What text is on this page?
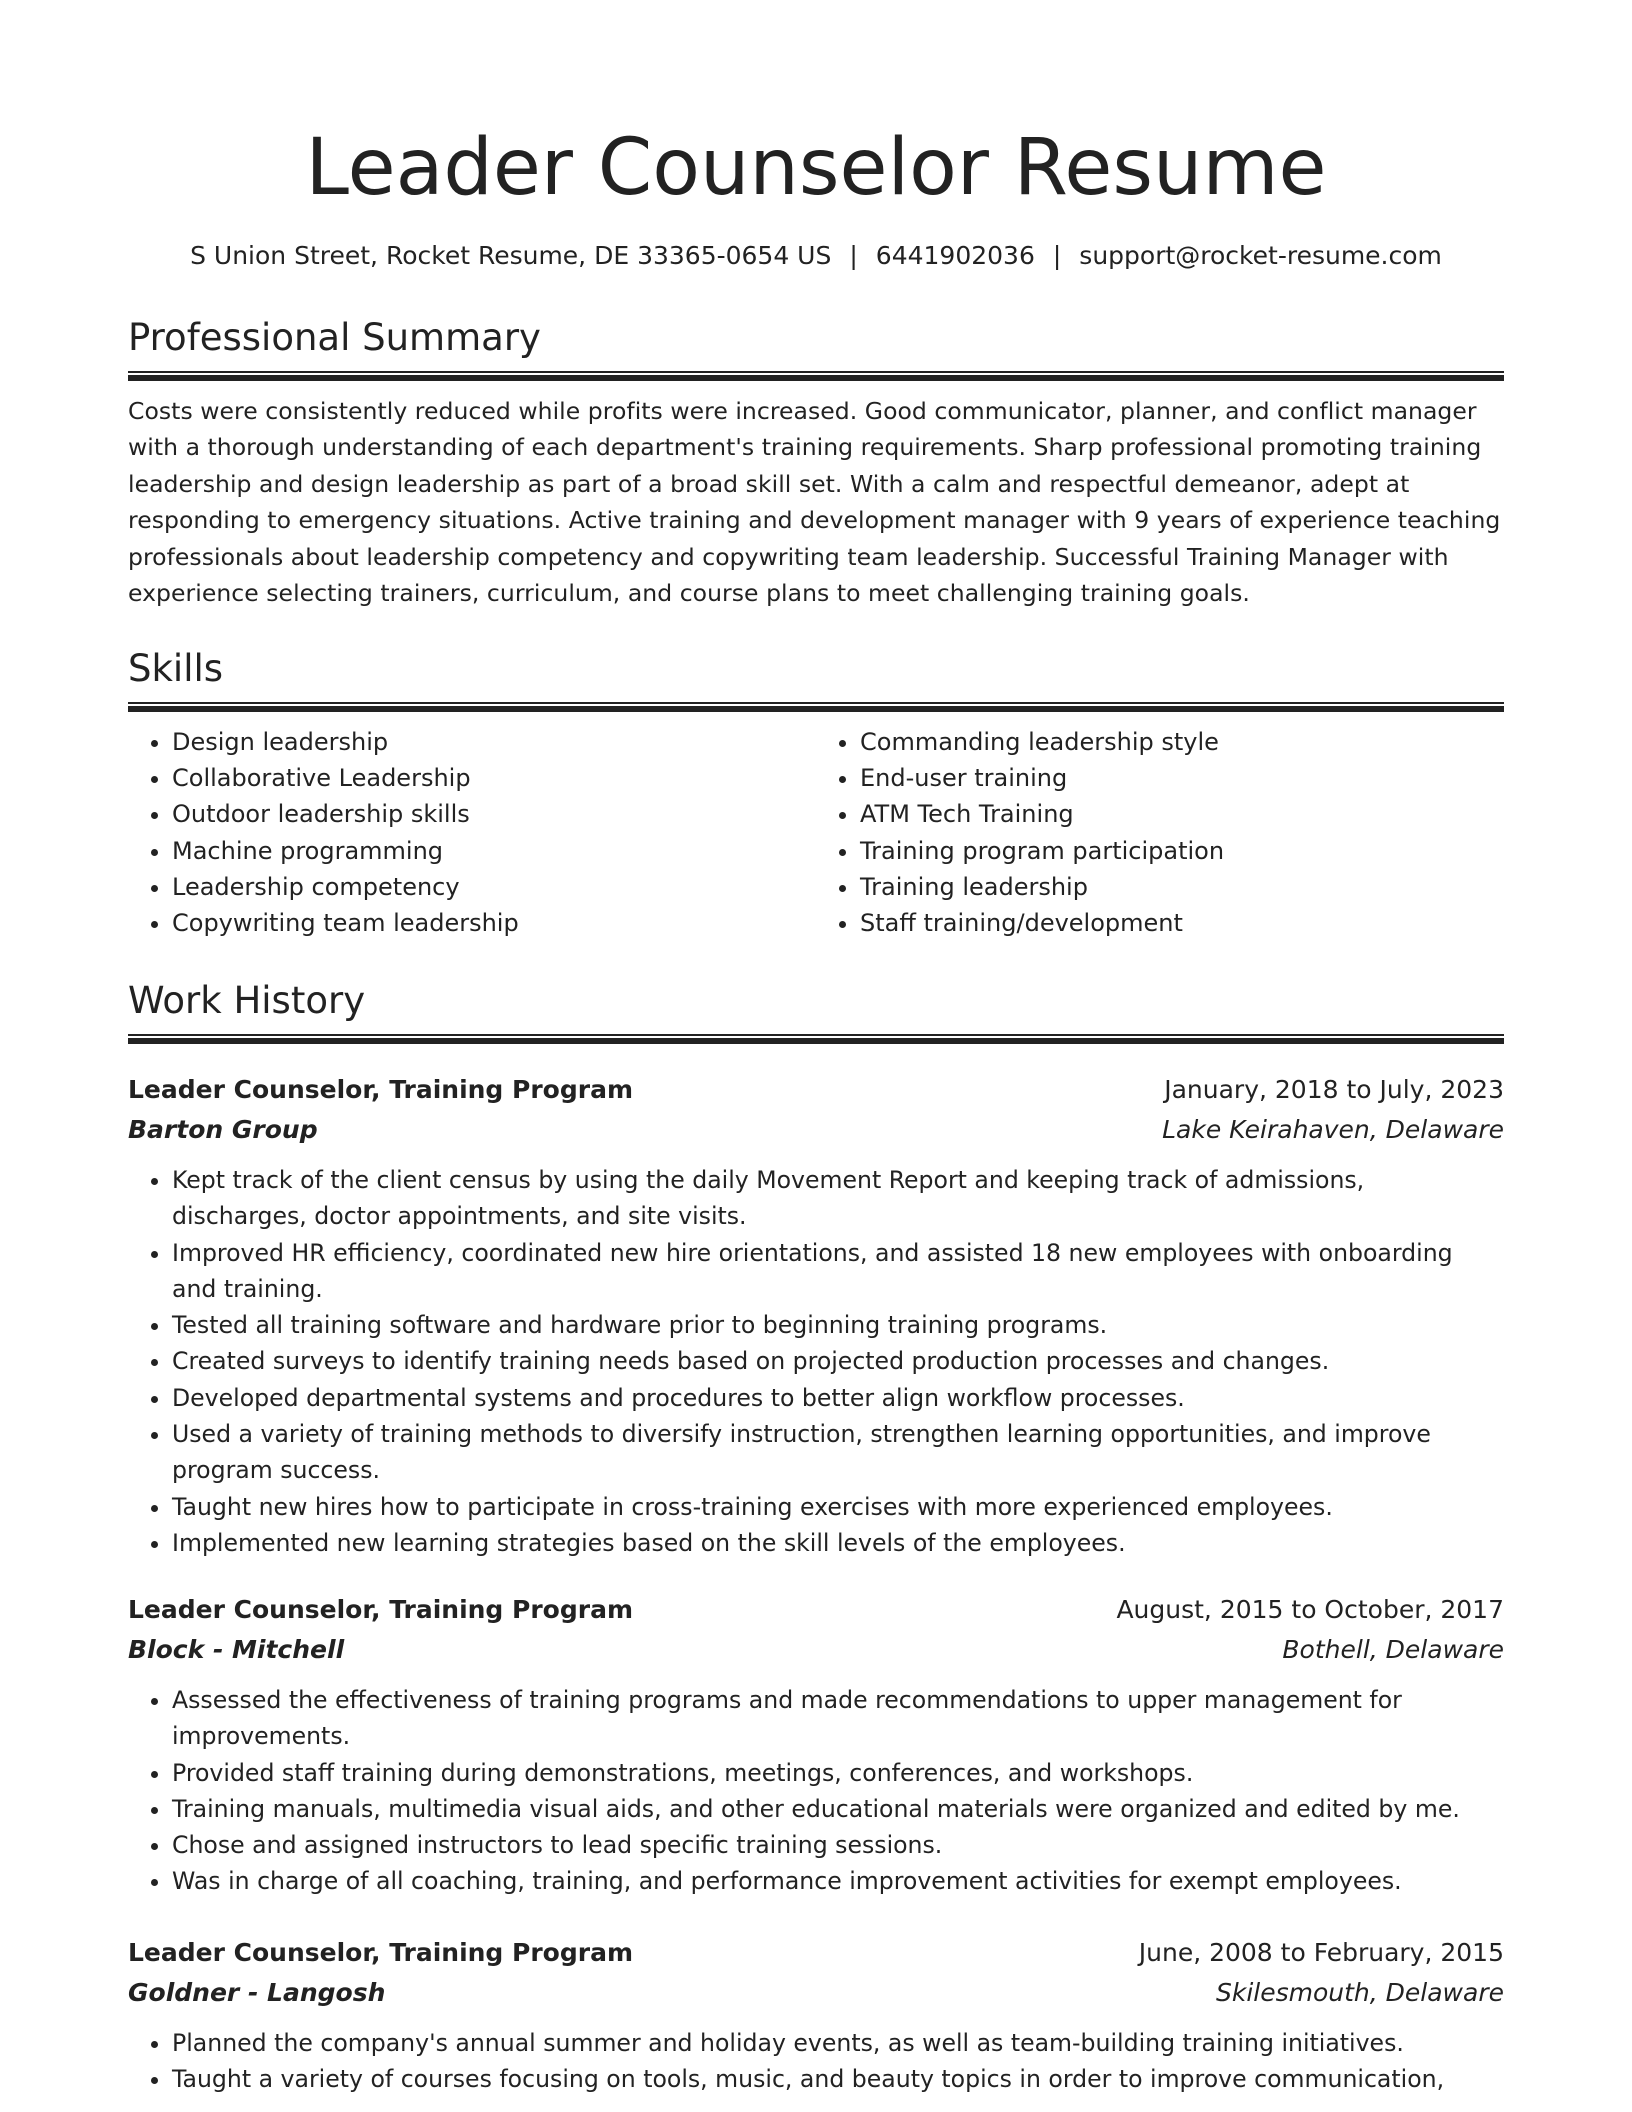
Leader Counselor Resume
S Union Street, Rocket Resume, DE 33365-0654 US | 6441902036 | support@rocket-resume.com
Professional Summary

Costs were consistently reduced while profits were increased. Good communicator, planner, and conflict manager with a thorough understanding of each department's training requirements. Sharp professional promoting training leadership and design leadership as part of a broad skill set. With a calm and respectful demeanor, adept at responding to emergency situations. Active training and development manager with 9 years of experience teaching professionals about leadership competency and copywriting team leadership. Successful Training Manager with experience selecting trainers, curriculum, and course plans to meet challenging training goals.

Skills
• Design leadership
• Collaborative Leadership
• Outdoor leadership skills
• Machine programming
• Leadership competency
• Copywriting team leadership
• Commanding leadership style
• End-user training
• ATM Tech Training
• Training program participation
• Training leadership
• Staff training/development
Work History
Leader Counselor, Training Program	January, 2018 to July, 2023
Barton Group	Lake Keirahaven, Delaware
• Kept track of the client census by using the daily Movement Report and keeping track of admissions, discharges, doctor appointments, and site visits.
• Improved HR efficiency, coordinated new hire orientations, and assisted 18 new employees with onboarding and training.
• Tested all training software and hardware prior to beginning training programs.
• Created surveys to identify training needs based on projected production processes and changes.
• Developed departmental systems and procedures to better align workflow processes.
• Used a variety of training methods to diversify instruction, strengthen learning opportunities, and improve program success.
• Taught new hires how to participate in cross-training exercises with more experienced employees.
• Implemented new learning strategies based on the skill levels of the employees.
Leader Counselor, Training Program	August, 2015 to October, 2017
Block - Mitchell	Bothell, Delaware
• Assessed the effectiveness of training programs and made recommendations to upper management for improvements.
• Provided staff training during demonstrations, meetings, conferences, and workshops.
• Training manuals, multimedia visual aids, and other educational materials were organized and edited by me.
• Chose and assigned instructors to lead specific training sessions.
• Was in charge of all coaching, training, and performance improvement activities for exempt employees.
Leader Counselor, Training Program	June, 2008 to February, 2015
Goldner - Langosh	Skilesmouth, Delaware
• Planned the company's annual summer and holiday events, as well as team-building training initiatives.
• Taught a variety of courses focusing on tools, music, and beauty topics in order to improve communication,
